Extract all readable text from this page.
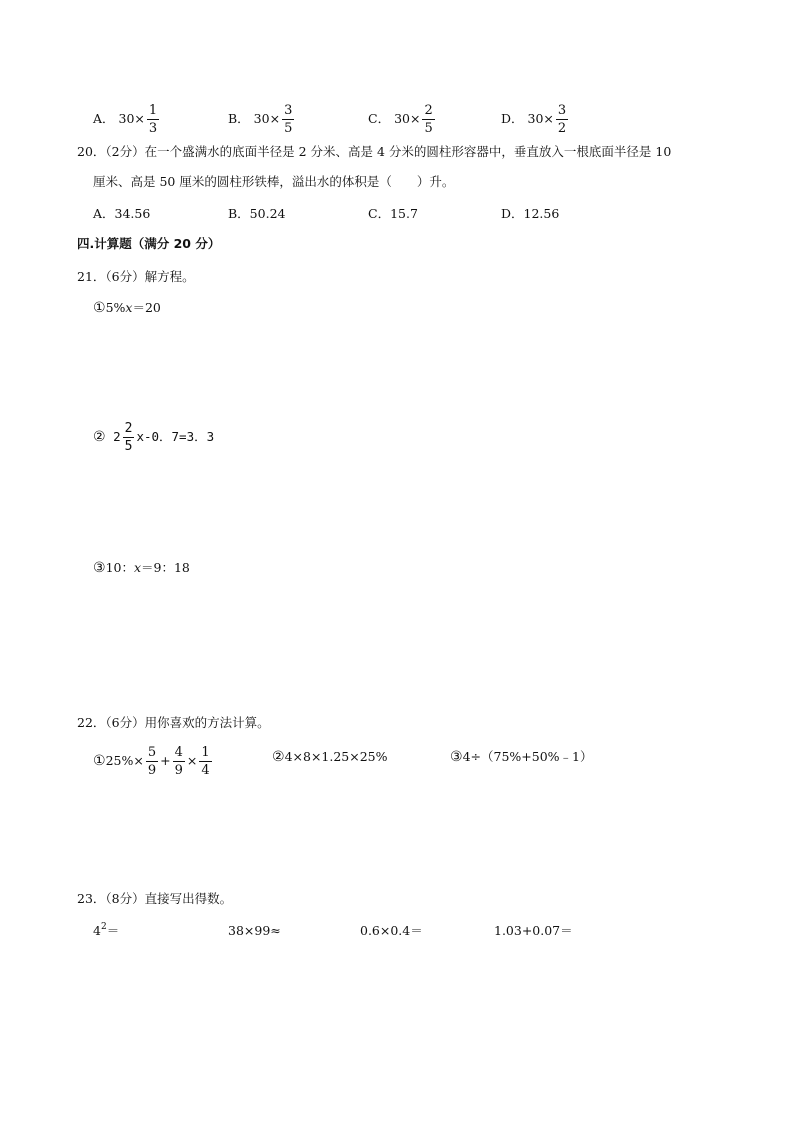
A． $30\times \frac{1}{3}$	B． $30\times \frac{3}{5}$	C． $30\times \frac{2}{5}$	D． $30\times \frac{3}{2}$
20．（2分）在一个盛满水的底面半径是 2 分米、高是 4 分米的圆柱形容器中，垂直放入一根底面半径是 10
厘米、高是 50 厘米的圆柱形铁棒，溢出水的体积是（　　）升。
A．34.56	B．50.24	C．15.7	D．12.56
四.计算题（满分 20 分）
21．（6分）解方程。
①5%x＝20
② $2 \frac{2}{5} x-0$．7=3．3
③10：x＝9：18
22．（6分）用你喜欢的方法计算。
①25%× $\frac{5}{9} + \frac{4}{9} \times \frac{1}{4}$	②4×8×1.25×25%	③4÷（75%+50%﹣1）
23．（8分）直接写出得数。
$4^2=$	38×99≈	0.6×0.4＝	1.03+0.07＝
